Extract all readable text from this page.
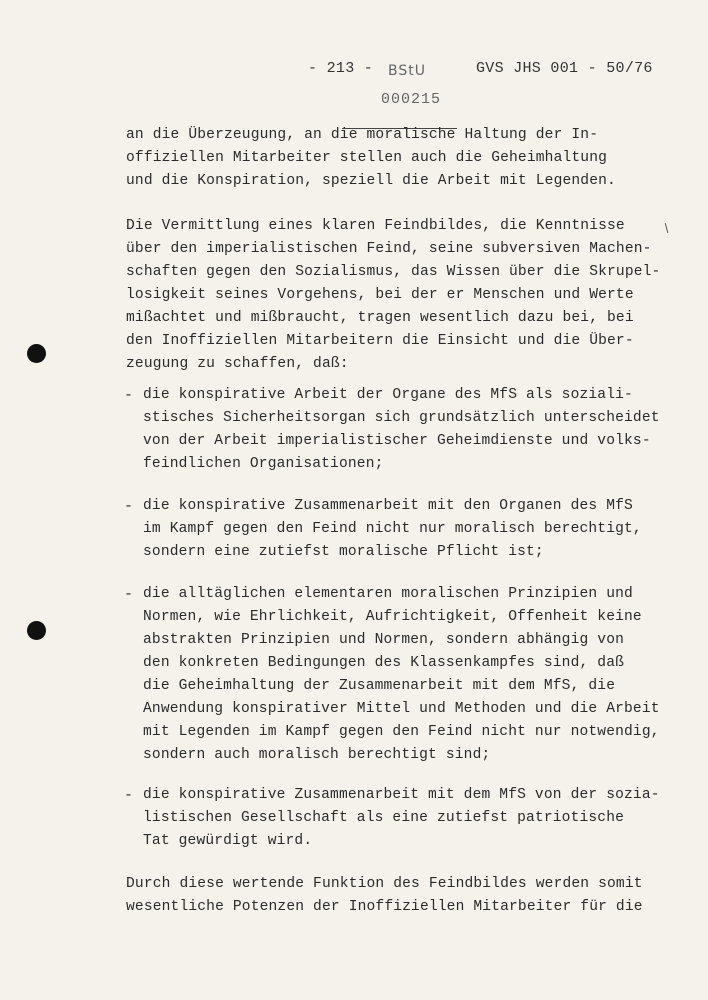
- 213 -	GVS JHS 001 - 50/76
BStU
000215
an die Überzeugung, an die moralische Haltung der In-
offiziellen Mitarbeiter stellen auch die Geheimhaltung
und die Konspiration, speziell die Arbeit mit Legenden.
Die Vermittlung eines klaren Feindbildes, die Kenntnisse
über den imperialistischen Feind, seine subversiven Machen-
schaften gegen den Sozialismus, das Wissen über die Skrupel-
losigkeit seines Vorgehens, bei der er Menschen und Werte
mißachtet und mißbraucht, tragen wesentlich dazu bei, bei
den Inoffiziellen Mitarbeitern die Einsicht und die Über-
zeugung zu schaffen, daß:
- die konspirative Arbeit der Organe des MfS als soziali-
stisches Sicherheitsorgan sich grundsätzlich unterscheidet
von der Arbeit imperialistischer Geheimdienste und volks-
feindlichen Organisationen;
- die konspirative Zusammenarbeit mit den Organen des MfS
im Kampf gegen den Feind nicht nur moralisch berechtigt,
sondern eine zutiefst moralische Pflicht ist;
- die alltäglichen elementaren moralischen Prinzipien und
Normen, wie Ehrlichkeit, Aufrichtigkeit, Offenheit keine
abstrakten Prinzipien und Normen, sondern abhängig von
den konkreten Bedingungen des Klassenkampfes sind, daß
die Geheimhaltung der Zusammenarbeit mit dem MfS, die
Anwendung konspirativer Mittel und Methoden und die Arbeit
mit Legenden im Kampf gegen den Feind nicht nur notwendig,
sondern auch moralisch berechtigt sind;
- die konspirative Zusammenarbeit mit dem MfS von der sozia-
listischen Gesellschaft als eine zutiefst patriotische
Tat gewürdigt wird.
Durch diese wertende Funktion des Feindbildes werden somit
wesentliche Potenzen der Inoffiziellen Mitarbeiter für die
